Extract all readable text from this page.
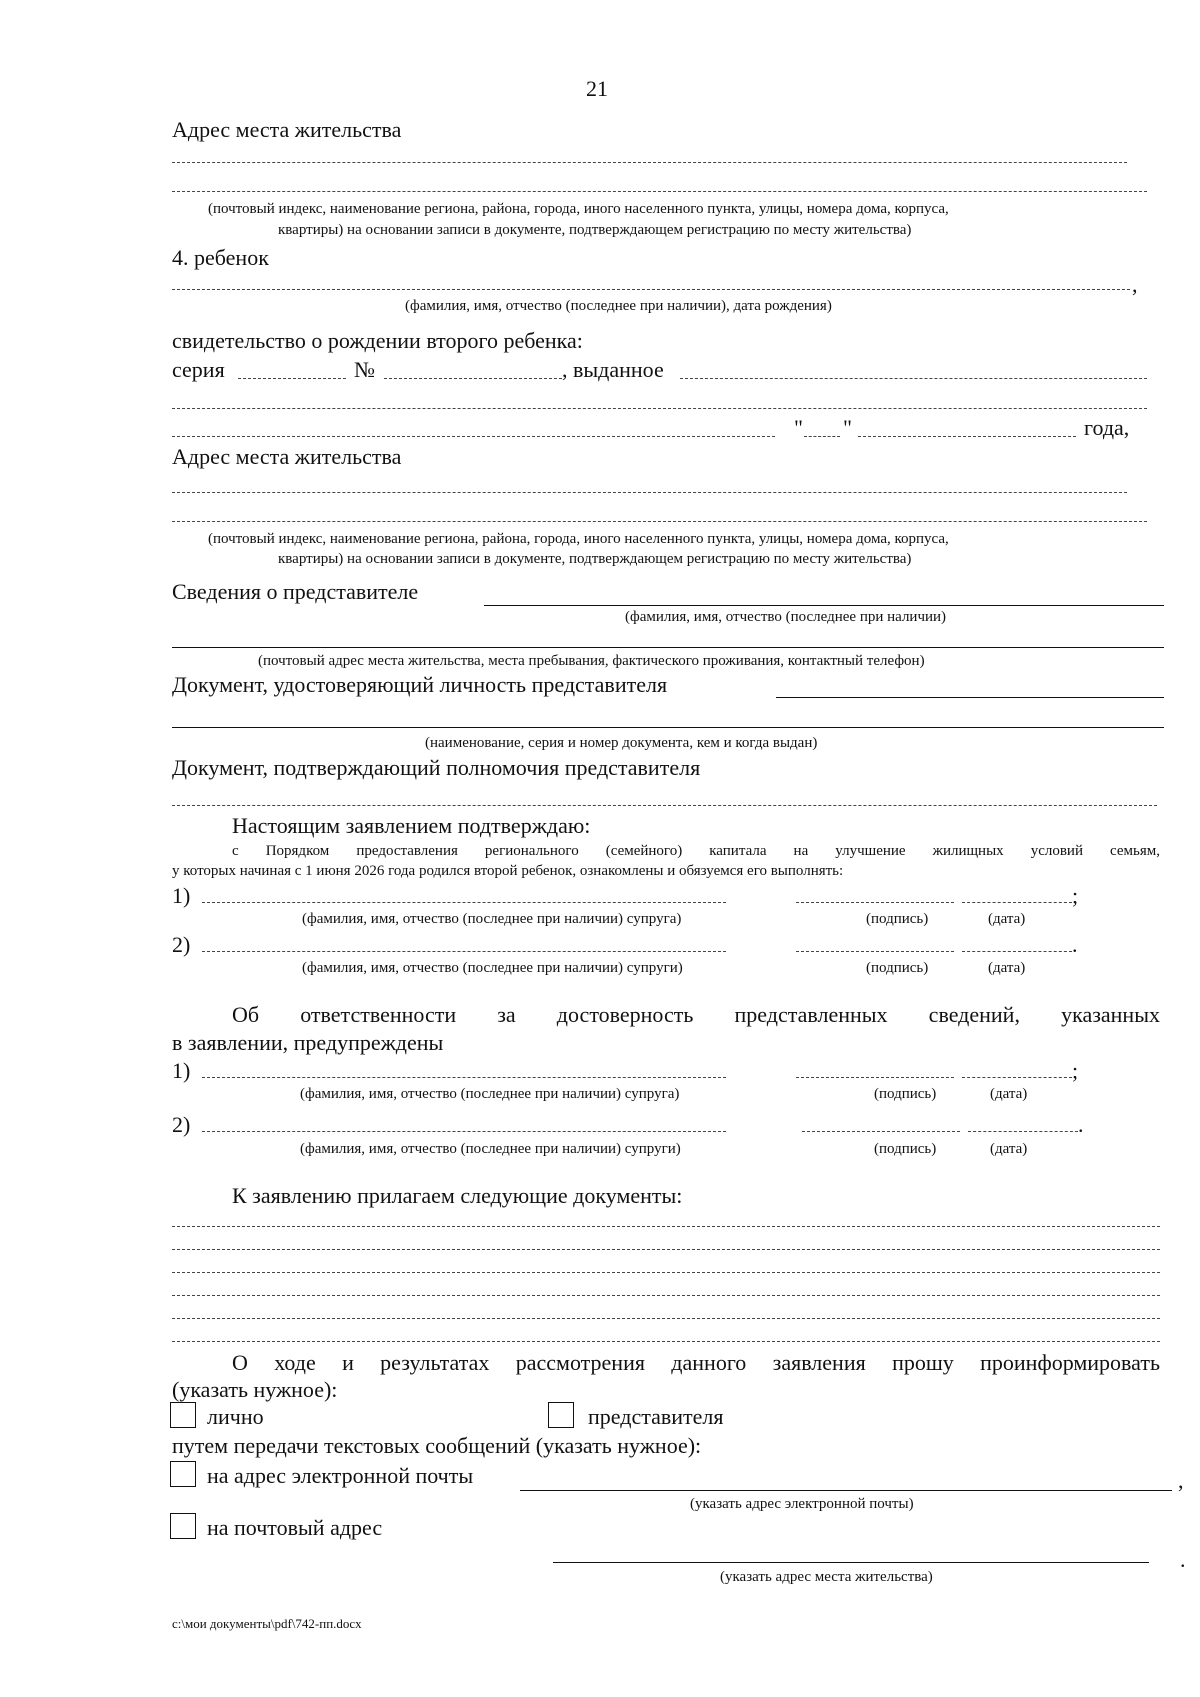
21
Адрес места жительства
(почтовый индекс, наименование региона, района, города, иного населенного пункта, улицы, номера дома, корпуса,
квартиры) на основании записи в документе, подтверждающем регистрацию по месту жительства)
4. ребенок
,
(фамилия, имя, отчество (последнее при наличии), дата рождения)
свидетельство о рождении второго ребенка:
серия	№	, выданное
" "	года,
Адрес места жительства
(почтовый индекс, наименование региона, района, города, иного населенного пункта, улицы, номера дома, корпуса,
квартиры) на основании записи в документе, подтверждающем регистрацию по месту жительства)
Сведения о представителе
(фамилия, имя, отчество (последнее при наличии)
(почтовый адрес места жительства, места пребывания, фактического проживания, контактный телефон)
Документ, удостоверяющий личность представителя
(наименование, серия и номер документа, кем и когда выдан)
Документ, подтверждающий полномочия представителя
Настоящим заявлением подтверждаю:
с Порядком предоставления регионального (семейного) капитала на улучшение жилищных условий семьям,
у которых начиная с 1 июня 2026 года родился второй ребенок, ознакомлены и обязуемся его выполнять:
1)	;
(фамилия, имя, отчество (последнее при наличии) супруга)	(подпись)	(дата)
2)	.
(фамилия, имя, отчество (последнее при наличии) супруги)	(подпись)	(дата)
Об ответственности за достоверность представленных сведений, указанных
в заявлении, предупреждены
1)	;
(фамилия, имя, отчество (последнее при наличии) супруга)	(подпись)	(дата)
2)	.
(фамилия, имя, отчество (последнее при наличии) супруги)	(подпись)	(дата)
К заявлению прилагаем следующие документы:
О ходе и результатах рассмотрения данного заявления прошу проинформировать
(указать нужное):
лично	представителя
путем передачи текстовых сообщений (указать нужное):
на адрес электронной почты	,
(указать адрес электронной почты)
на почтовый адрес
.
(указать адрес места жительства)
c:\мои документы\pdf\742-пп.docx
